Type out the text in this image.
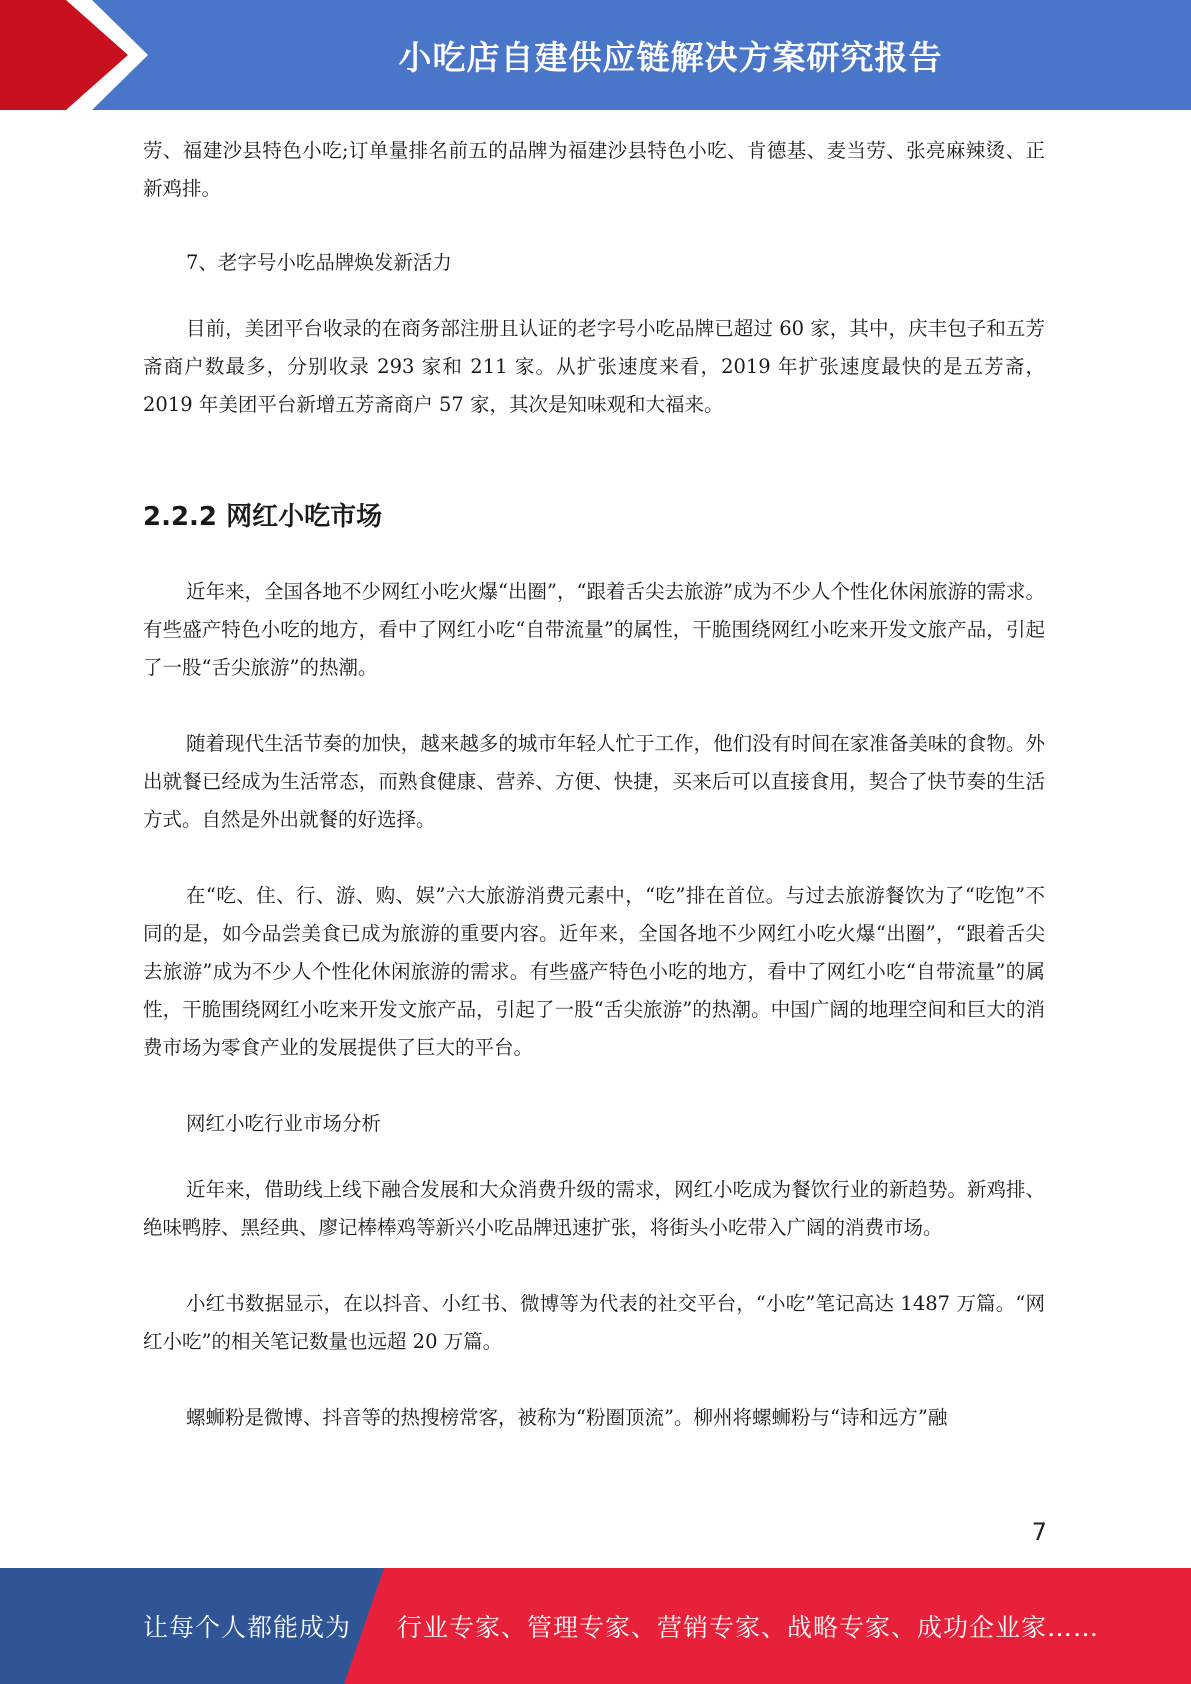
小吃店自建供应链解决方案研究报告

劳、福建沙县特色小吃;订单量排名前五的品牌为福建沙县特色小吃、肯德基、麦当劳、张亮麻辣烫、正新鸡排。

7、老字号小吃品牌焕发新活力

目前，美团平台收录的在商务部注册且认证的老字号小吃品牌已超过 60 家，其中，庆丰包子和五芳斋商户数最多，分别收录 293 家和 211 家。从扩张速度来看，2019 年扩张速度最快的是五芳斋，2019 年美团平台新增五芳斋商户 57 家，其次是知味观和大福来。

2.2.2 网红小吃市场

近年来，全国各地不少网红小吃火爆“出圈”，“跟着舌尖去旅游”成为不少人个性化休闲旅游的需求。有些盛产特色小吃的地方，看中了网红小吃“自带流量”的属性，干脆围绕网红小吃来开发文旅产品，引起了一股“舌尖旅游”的热潮。

随着现代生活节奏的加快，越来越多的城市年轻人忙于工作，他们没有时间在家准备美味的食物。外出就餐已经成为生活常态，而熟食健康、营养、方便、快捷，买来后可以直接食用，契合了快节奏的生活方式。自然是外出就餐的好选择。

在“吃、住、行、游、购、娱”六大旅游消费元素中，“吃”排在首位。与过去旅游餐饮为了“吃饱”不同的是，如今品尝美食已成为旅游的重要内容。近年来，全国各地不少网红小吃火爆“出圈”，“跟着舌尖去旅游”成为不少人个性化休闲旅游的需求。有些盛产特色小吃的地方，看中了网红小吃“自带流量”的属性，干脆围绕网红小吃来开发文旅产品，引起了一股“舌尖旅游”的热潮。中国广阔的地理空间和巨大的消费市场为零食产业的发展提供了巨大的平台。

网红小吃行业市场分析

近年来，借助线上线下融合发展和大众消费升级的需求，网红小吃成为餐饮行业的新趋势。新鸡排、绝味鸭脖、黑经典、廖记棒棒鸡等新兴小吃品牌迅速扩张，将街头小吃带入广阔的消费市场。

小红书数据显示，在以抖音、小红书、微博等为代表的社交平台，“小吃”笔记高达 1487 万篇。“网红小吃”的相关笔记数量也远超 20 万篇。

螺蛳粉是微博、抖音等的热搜榜常客，被称为“粉圈顶流”。柳州将螺蛳粉与“诗和远方”融

7
让每个人都能成为 行业专家、管理专家、营销专家、战略专家、成功企业家……
